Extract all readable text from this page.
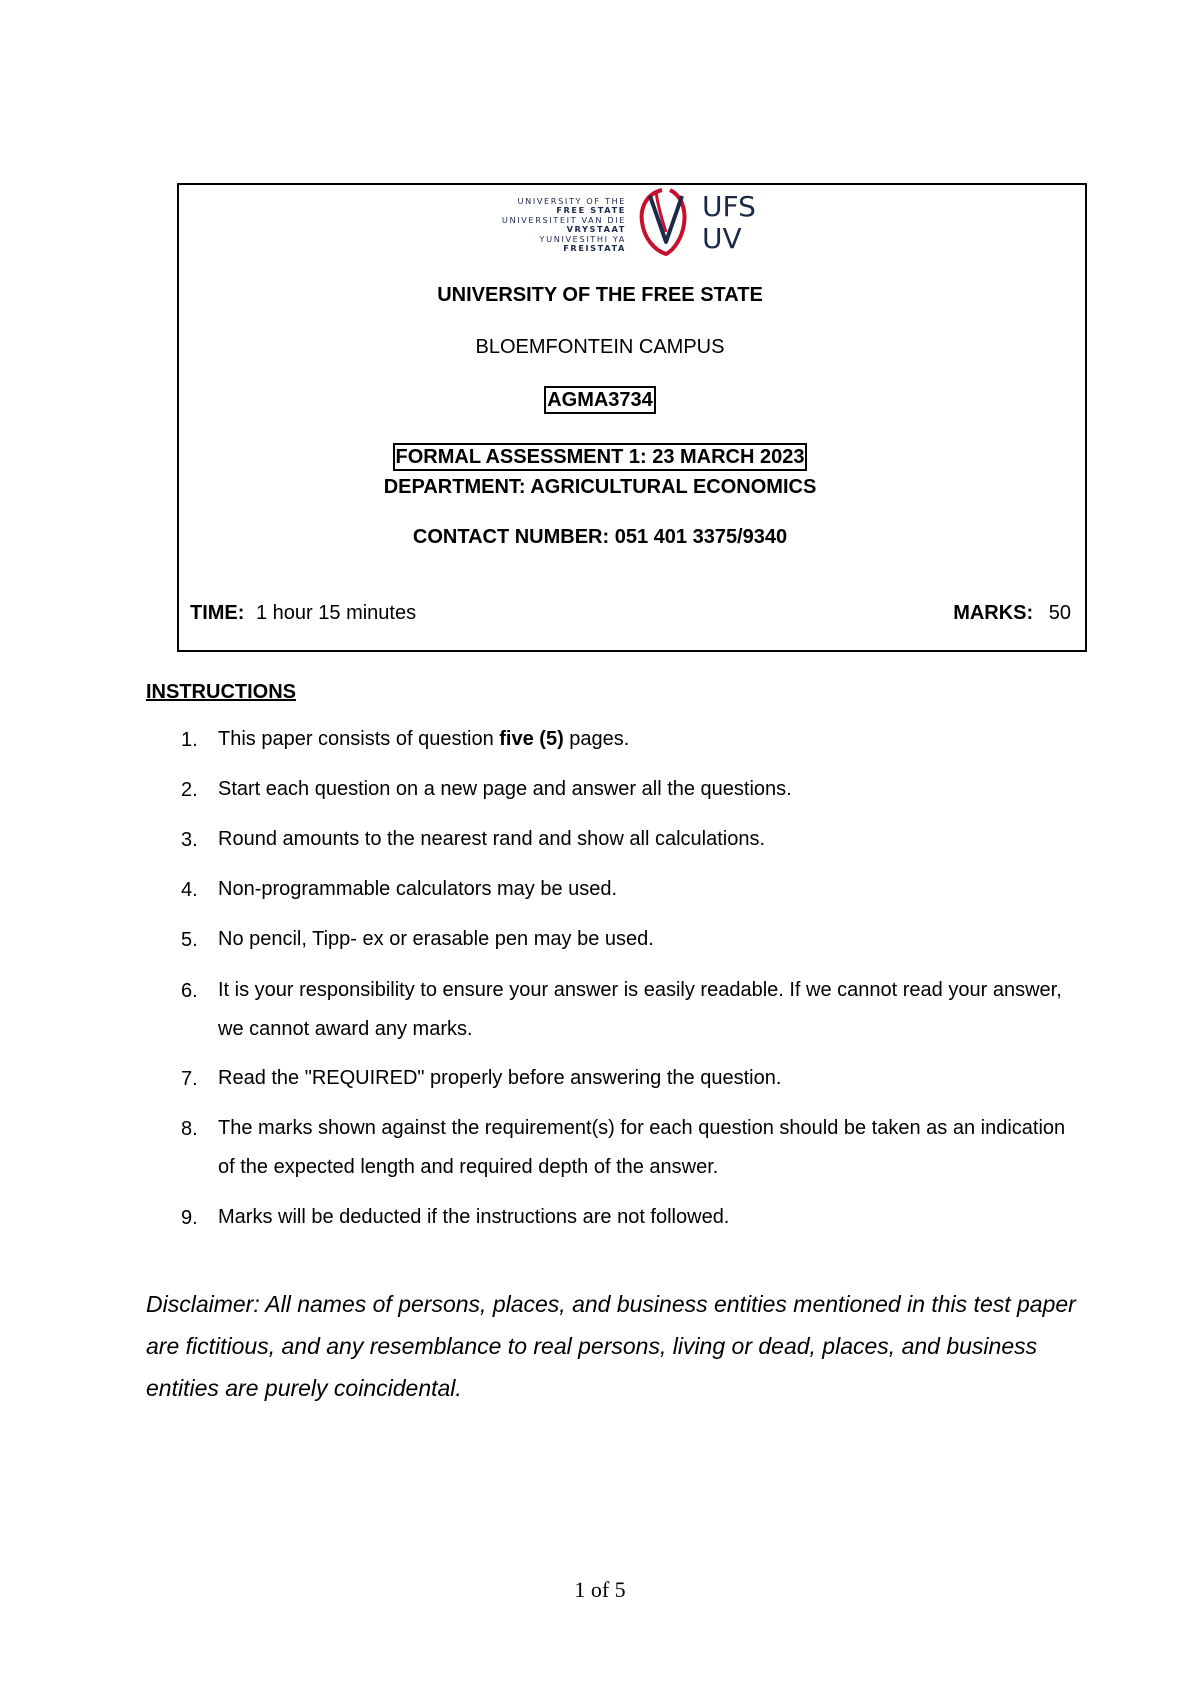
UNIVERSITY OF THE
FREE STATE
UNIVERSITEIT VAN DIE
VRYSTAAT
YUNIVESITHI YA
FREISTATA
UFS
UV
UNIVERSITY OF THE FREE STATE
BLOEMFONTEIN CAMPUS
AGMA3734
FORMAL ASSESSMENT 1: 23 MARCH 2023
DEPARTMENT: AGRICULTURAL ECONOMICS
CONTACT NUMBER: 051 401 3375/9340
TIME: 1 hour 15 minutes	MARKS: 50
INSTRUCTIONS
1.	This paper consists of question five (5) pages.
2.	Start each question on a new page and answer all the questions.
3.	Round amounts to the nearest rand and show all calculations.
4.	Non-programmable calculators may be used.
5.	No pencil, Tipp- ex or erasable pen may be used.
6.	It is your responsibility to ensure your answer is easily readable. If we cannot read your answer, we cannot award any marks.
7.	Read the "REQUIRED" properly before answering the question.
8.	The marks shown against the requirement(s) for each question should be taken as an indication of the expected length and required depth of the answer.
9.	Marks will be deducted if the instructions are not followed.
Disclaimer: All names of persons, places, and business entities mentioned in this test paper are fictitious, and any resemblance to real persons, living or dead, places, and business entities are purely coincidental.
1 of 5
